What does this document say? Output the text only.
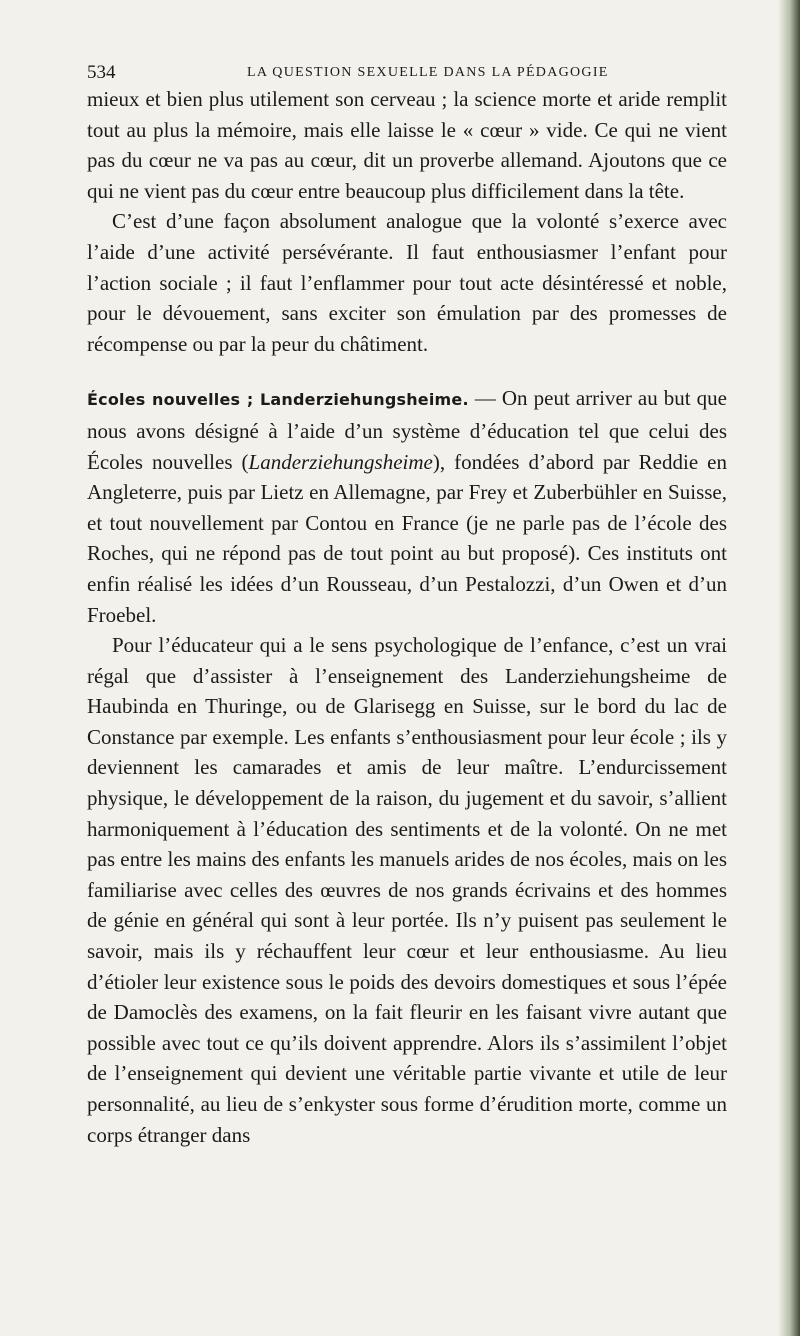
534	LA QUESTION SEXUELLE DANS LA PÉDAGOGIE

mieux et bien plus utilement son cerveau ; la science morte et aride remplit tout au plus la mémoire, mais elle laisse le « cœur » vide. Ce qui ne vient pas du cœur ne va pas au cœur, dit un proverbe allemand. Ajoutons que ce qui ne vient pas du cœur entre beaucoup plus difficilement dans la tête.

C’est d’une façon absolument analogue que la volonté s’exerce avec l’aide d’une activité persévérante. Il faut enthousiasmer l’enfant pour l’action sociale ; il faut l’enflammer pour tout acte désintéressé et noble, pour le dévouement, sans exciter son émulation par des promesses de récompense ou par la peur du châtiment.

Écoles nouvelles ; Landerziehungsheime. — On peut arriver au but que nous avons désigné à l’aide d’un système d’éducation tel que celui des Écoles nouvelles (Landerziehungsheime), fondées d’abord par Reddie en Angleterre, puis par Lietz en Allemagne, par Frey et Zuberbühler en Suisse, et tout nouvellement par Contou en France (je ne parle pas de l’école des Roches, qui ne répond pas de tout point au but proposé). Ces instituts ont enfin réalisé les idées d’un Rousseau, d’un Pestalozzi, d’un Owen et d’un Froebel.

Pour l’éducateur qui a le sens psychologique de l’enfance, c’est un vrai régal que d’assister à l’enseignement des Landerziehungsheime de Haubinda en Thuringe, ou de Glarisegg en Suisse, sur le bord du lac de Constance par exemple. Les enfants s’enthousiasment pour leur école ; ils y deviennent les camarades et amis de leur maître. L’endurcissement physique, le développement de la raison, du jugement et du savoir, s’allient harmoniquement à l’éducation des sentiments et de la volonté. On ne met pas entre les mains des enfants les manuels arides de nos écoles, mais on les familiarise avec celles des œuvres de nos grands écrivains et des hommes de génie en général qui sont à leur portée. Ils n’y puisent pas seulement le savoir, mais ils y réchauffent leur cœur et leur enthousiasme. Au lieu d’étioler leur existence sous le poids des devoirs domestiques et sous l’épée de Damoclès des examens, on la fait fleurir en les faisant vivre autant que possible avec tout ce qu’ils doivent apprendre. Alors ils s’assimilent l’objet de l’enseignement qui devient une véritable partie vivante et utile de leur personnalité, au lieu de s’enkyster sous forme d’érudition morte, comme un corps étranger dans
